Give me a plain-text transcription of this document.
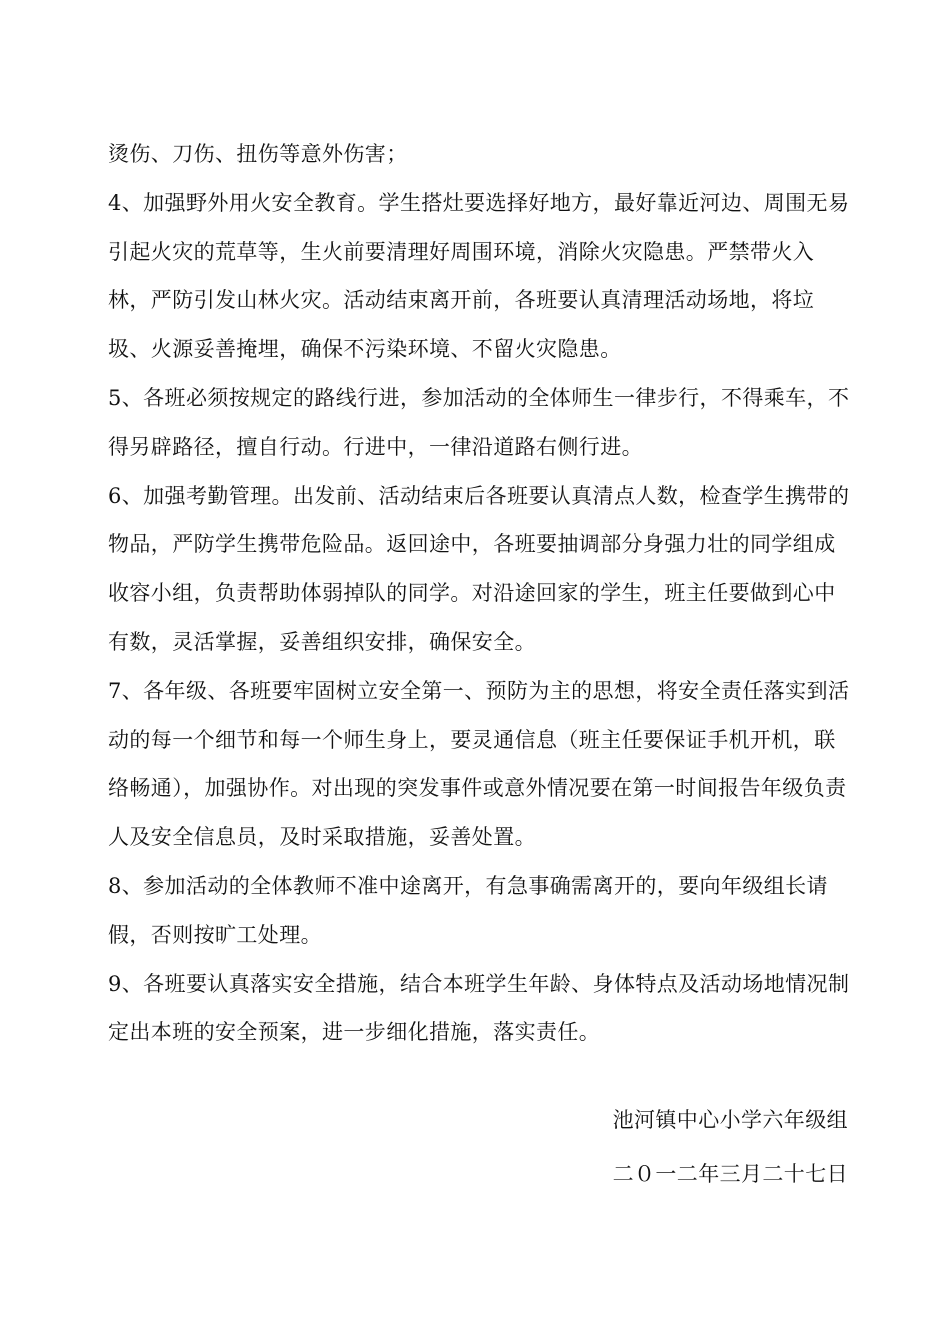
烫伤、刀伤、扭伤等意外伤害；

4、加强野外用火安全教育。学生搭灶要选择好地方，最好靠近河边、周围无易引起火灾的荒草等，生火前要清理好周围环境，消除火灾隐患。严禁带火入林，严防引发山林火灾。活动结束离开前，各班要认真清理活动场地，将垃圾、火源妥善掩埋，确保不污染环境、不留火灾隐患。

5、各班必须按规定的路线行进，参加活动的全体师生一律步行，不得乘车，不得另辟路径，擅自行动。行进中，一律沿道路右侧行进。

6、加强考勤管理。出发前、活动结束后各班要认真清点人数，检查学生携带的物品，严防学生携带危险品。返回途中，各班要抽调部分身强力壮的同学组成收容小组，负责帮助体弱掉队的同学。对沿途回家的学生，班主任要做到心中有数，灵活掌握，妥善组织安排，确保安全。

7、各年级、各班要牢固树立安全第一、预防为主的思想，将安全责任落实到活动的每一个细节和每一个师生身上，要灵通信息（班主任要保证手机开机，联络畅通），加强协作。对出现的突发事件或意外情况要在第一时间报告年级负责人及安全信息员，及时采取措施，妥善处置。

8、参加活动的全体教师不准中途离开，有急事确需离开的，要向年级组长请假，否则按旷工处理。

9、各班要认真落实安全措施，结合本班学生年龄、身体特点及活动场地情况制定出本班的安全预案，进一步细化措施，落实责任。

池河镇中心小学六年级组
二０一二年三月二十七日
